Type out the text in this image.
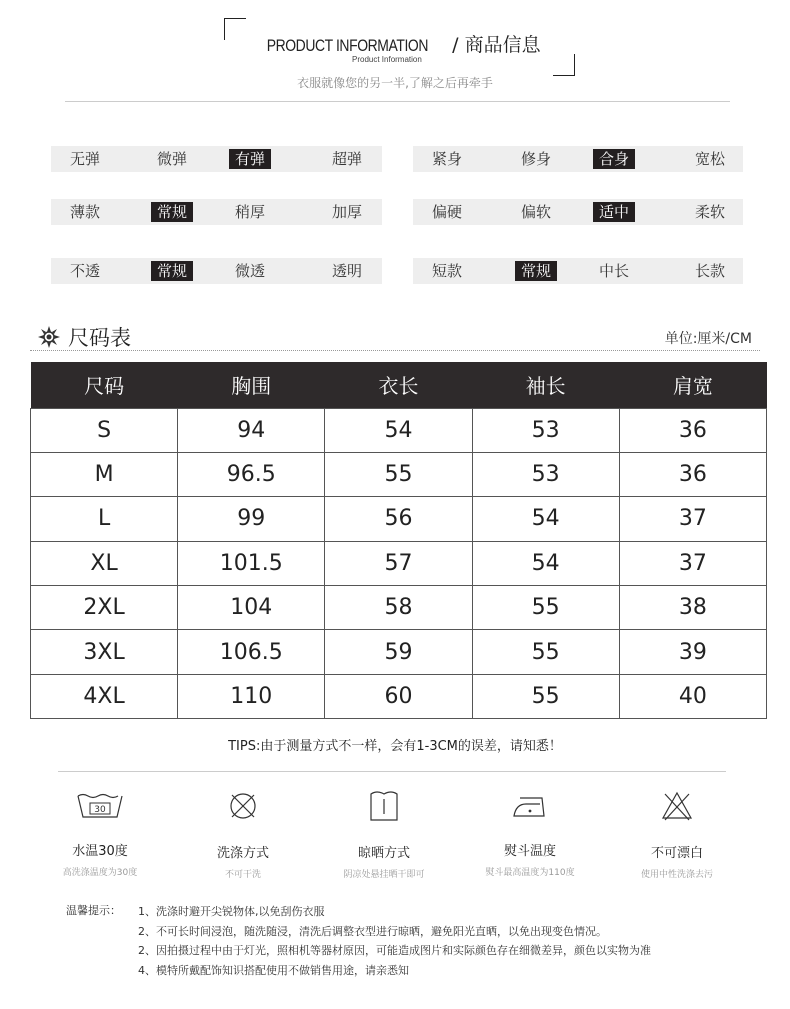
PRODUCT INFORMATION / 商品信息
Product Information
衣服就像您的另一半,了解之后再牵手
无弹	微弹	有弹	超弹	紧身	修身	合身	宽松
薄款	常规	稍厚	加厚	偏硬	偏软	适中	柔软
不透	常规	微透	透明	短款	常规	中长	长款
尺码表	单位:厘米/CM
尺码	胸围	衣长	袖长	肩宽
S	94	54	53	36
M	96.5	55	53	36
L	99	56	54	37
XL	101.5	57	54	37
2XL	104	58	55	38
3XL	106.5	59	55	39
4XL	110	60	55	40
TIPS:由于测量方式不一样，会有1-3CM的误差，请知悉！
30
水温30度
高洗涤温度为30度
洗涤方式
不可干洗
晾晒方式
阴凉处悬挂晒干即可
熨斗温度
熨斗最高温度为110度
不可漂白
使用中性洗涤去污
温馨提示： 1、洗涤时避开尖锐物体,以免刮伤衣服
2、不可长时间浸泡，随洗随浸，清洗后调整衣型进行晾晒，避免阳光直晒，以免出现变色情况。
2、因拍摄过程中由于灯光，照相机等器材原因，可能造成图片和实际颜色存在细微差异，颜色以实物为准
4、模特所戴配饰知识搭配使用不做销售用途，请亲悉知
